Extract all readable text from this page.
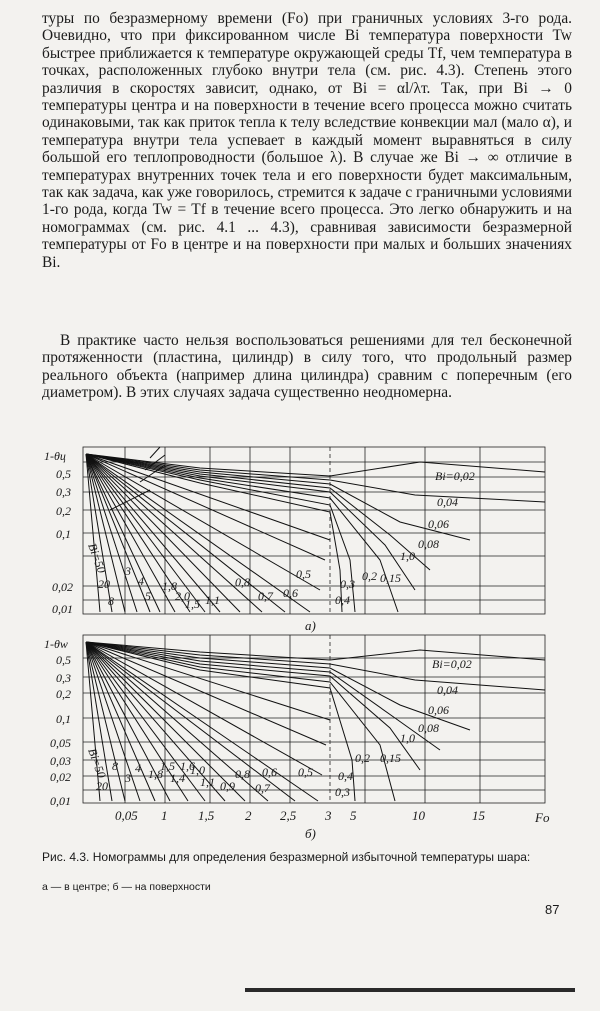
туры по безразмерному времени (Fo) при граничных условиях 3-го рода. Очевидно, что при фиксированном числе Bi температура поверхности Tw быстрее приближается к температуре окружающей среды Tf, чем температура в точках, расположенных глубоко внутри тела (см. рис. 4.3). Степень этого различия в скоростях зависит, однако, от Bi = αl/λт. Так, при Bi → 0 температуры центра и на поверхности в течение всего процесса можно считать одинаковыми, так как приток тепла к телу вследствие конвекции мал (мало α), и температура внутри тела успевает в каждый момент выравняться в силу большой его теплопроводности (большое λ). В случае же Bi → ∞ отличие в температурах внутренних точек тела и его поверхности будет максимальным, так как задача, как уже говорилось, стремится к задаче с граничными условиями 1-го рода, когда Tw = Tf в течение всего процесса. Это легко обнаружить и на номограммах (см. рис. 4.1 ... 4.3), сравнивая зависимости безразмерной температуры от Fo в центре и на поверхности при малых и больших значениях Bi.

В практике часто нельзя воспользоваться решениями для тел бесконечной протяженности (пластина, цилиндр) в силу того, что продольный размер реального объекта (например длина цилиндра) сравним с поперечным (его диаметром). В этих случаях задача существенно неодномерна.

1-θц
0,5
0,3
0,2
0,1
0,02
0,01
а)
Bi=0,02
0,04
0,06
0,08
1,0
0,15
0,5
0,6
0,7
0,8
1,1
0,3
0,4
0,2
Bi=50
20
8
3
4
5
1,8
2,0
1,5
1-θw
0,5
0,3
0,2
0,1
0,05
0,03
0,02
0,01
Bi=0,02
0,04
0,06
0,08
1,0
0,15
0,2
0,8 0,6 0,5
0,7
0,9
1,0
1,1	0,4
0,3
Bi=50
20
8
3
4 1,8
1,5
1,4
1,6
0,05 1 1,5 2 2,5 3 5	10	15	Fo
б)

Рис. 4.3. Номограммы для определения безразмерной избыточной температуры шара:

а — в центре; б — на поверхности

87
